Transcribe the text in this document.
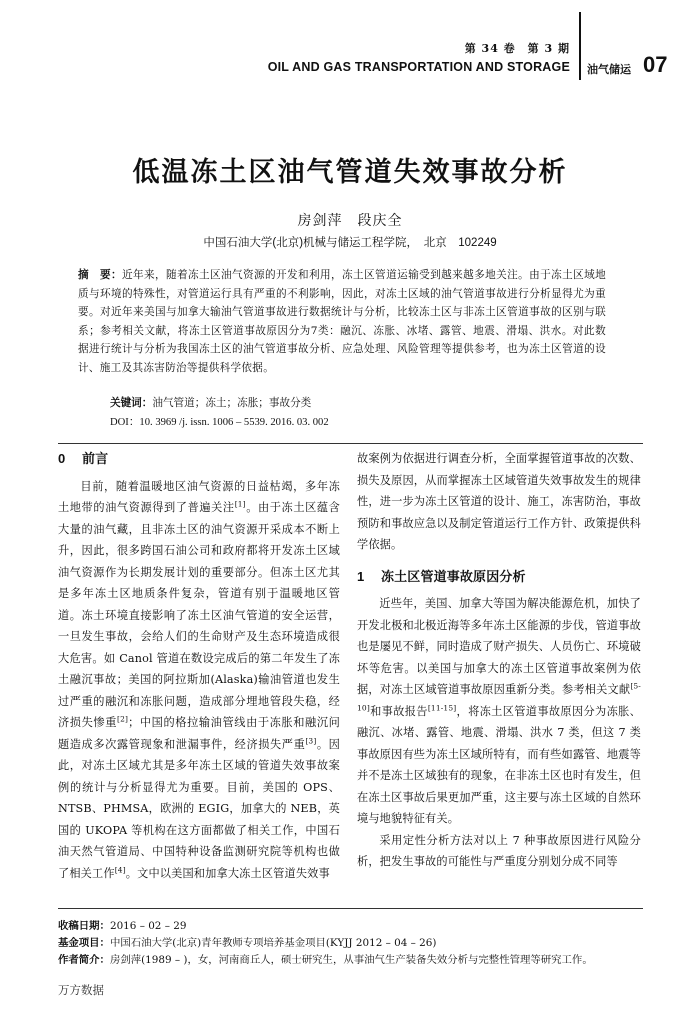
第 34 卷　第 3 期
OIL AND GAS TRANSPORTATION AND STORAGE 油气储运 07
低温冻土区油气管道失效事故分析
房剑萍　段庆全
中国石油大学(北京)机械与储运工程学院，　北京　102249
摘　要：近年来，随着冻土区油气资源的开发和利用，冻土区管道运输受到越来越多地关注。由于冻土区域地质与环境的特殊性，对管道运行具有严重的不利影响，因此，对冻土区域的油气管道事故进行分析显得尤为重要。对近年来美国与加拿大输油气管道事故进行数据统计与分析，比较冻土区与非冻土区管道事故的区别与联系；参考相关文献，将冻土区管道事故原因分为7类：融沉、冻胀、冰堵、露管、地震、滑塌、洪水。对此数据进行统计与分析为我国冻土区的油气管道事故分析、应急处理、风险管理等提供参考，也为冻土区管道的设计、施工及其冻害防治等提供科学依据。
关键词：油气管道；冻土；冻胀；事故分类
DOI：10. 3969 /j. issn. 1006 – 5539. 2016. 03. 002
0 前言

目前，随着温暖地区油气资源的日益枯竭，多年冻土地带的油气资源得到了普遍关注[1]。由于冻土区蕴含大量的油气藏，且非冻土区的油气资源开采成本不断上升，因此，很多跨国石油公司和政府都将开发冻土区域油气资源作为长期发展计划的重要部分。但冻土区尤其是多年冻土区地质条件复杂，管道有别于温暖地区管道。冻土环境直接影响了冻土区油气管道的安全运营，一旦发生事故，会给人们的生命财产及生态环境造成很大危害。如 Canol 管道在数设完成后的第二年发生了冻土融沉事故；美国的阿拉斯加(Alaska)输油管道也发生过严重的融沉和冻胀问题，造成部分埋地管段失稳，经济损失惨重[2]；中国的格拉输油管线由于冻胀和融沉问题造成多次露管现象和泄漏事件，经济损失严重[3]。因此，对冻土区域尤其是多年冻土区域的管道失效事故案例的统计与分析显得尤为重要。目前，美国的 OPS、NTSB、PHMSA，欧洲的 EGIG，加拿大的 NEB，英国的 UKOPA 等机构在这方面都做了相关工作，中国石油天然气管道局、中国特种设备监测研究院等机构也做了相关工作[4]。文中以美国和加拿大冻土区管道失效事

故案例为依据进行调查分析，全面掌握管道事故的次数、损失及原因，从而掌握冻土区域管道失效事故发生的规律性，进一步为冻土区管道的设计、施工，冻害防治，事故预防和事故应急以及制定管道运行工作方针、政策提供科学依据。

1 冻土区管道事故原因分析

近些年，美国、加拿大等国为解决能源危机，加快了开发北极和北极近海等多年冻土区能源的步伐，管道事故也是屡见不鲜，同时造成了财产损失、人员伤亡、环境破坏等危害。以美国与加拿大的冻土区管道事故案例为依据，对冻土区域管道事故原因重新分类。参考相关文献[5-10]和事故报告[11-15]，将冻土区管道事故原因分为冻胀、融沉、冰堵、露管、地震、滑塌、洪水 7 类，但这 7 类事故原因有些为冻土区域所特有，而有些如露管、地震等并不是冻土区域独有的现象，在非冻土区也时有发生，但在冻土区事故后果更加严重，这主要与冻土区域的自然环境与地貌特征有关。

采用定性分析方法对以上 7 种事故原因进行风险分析，把发生事故的可能性与严重度分别划分成不同等

收稿日期：2016 – 02 – 29
基金项目：中国石油大学(北京)青年教师专项培养基金项目(KYJJ 2012 – 04 – 26)
作者简介：房剑萍(1989 – )，女，河南商丘人，硕士研究生，从事油气生产装备失效分析与完整性管理等研究工作。
万方数据
